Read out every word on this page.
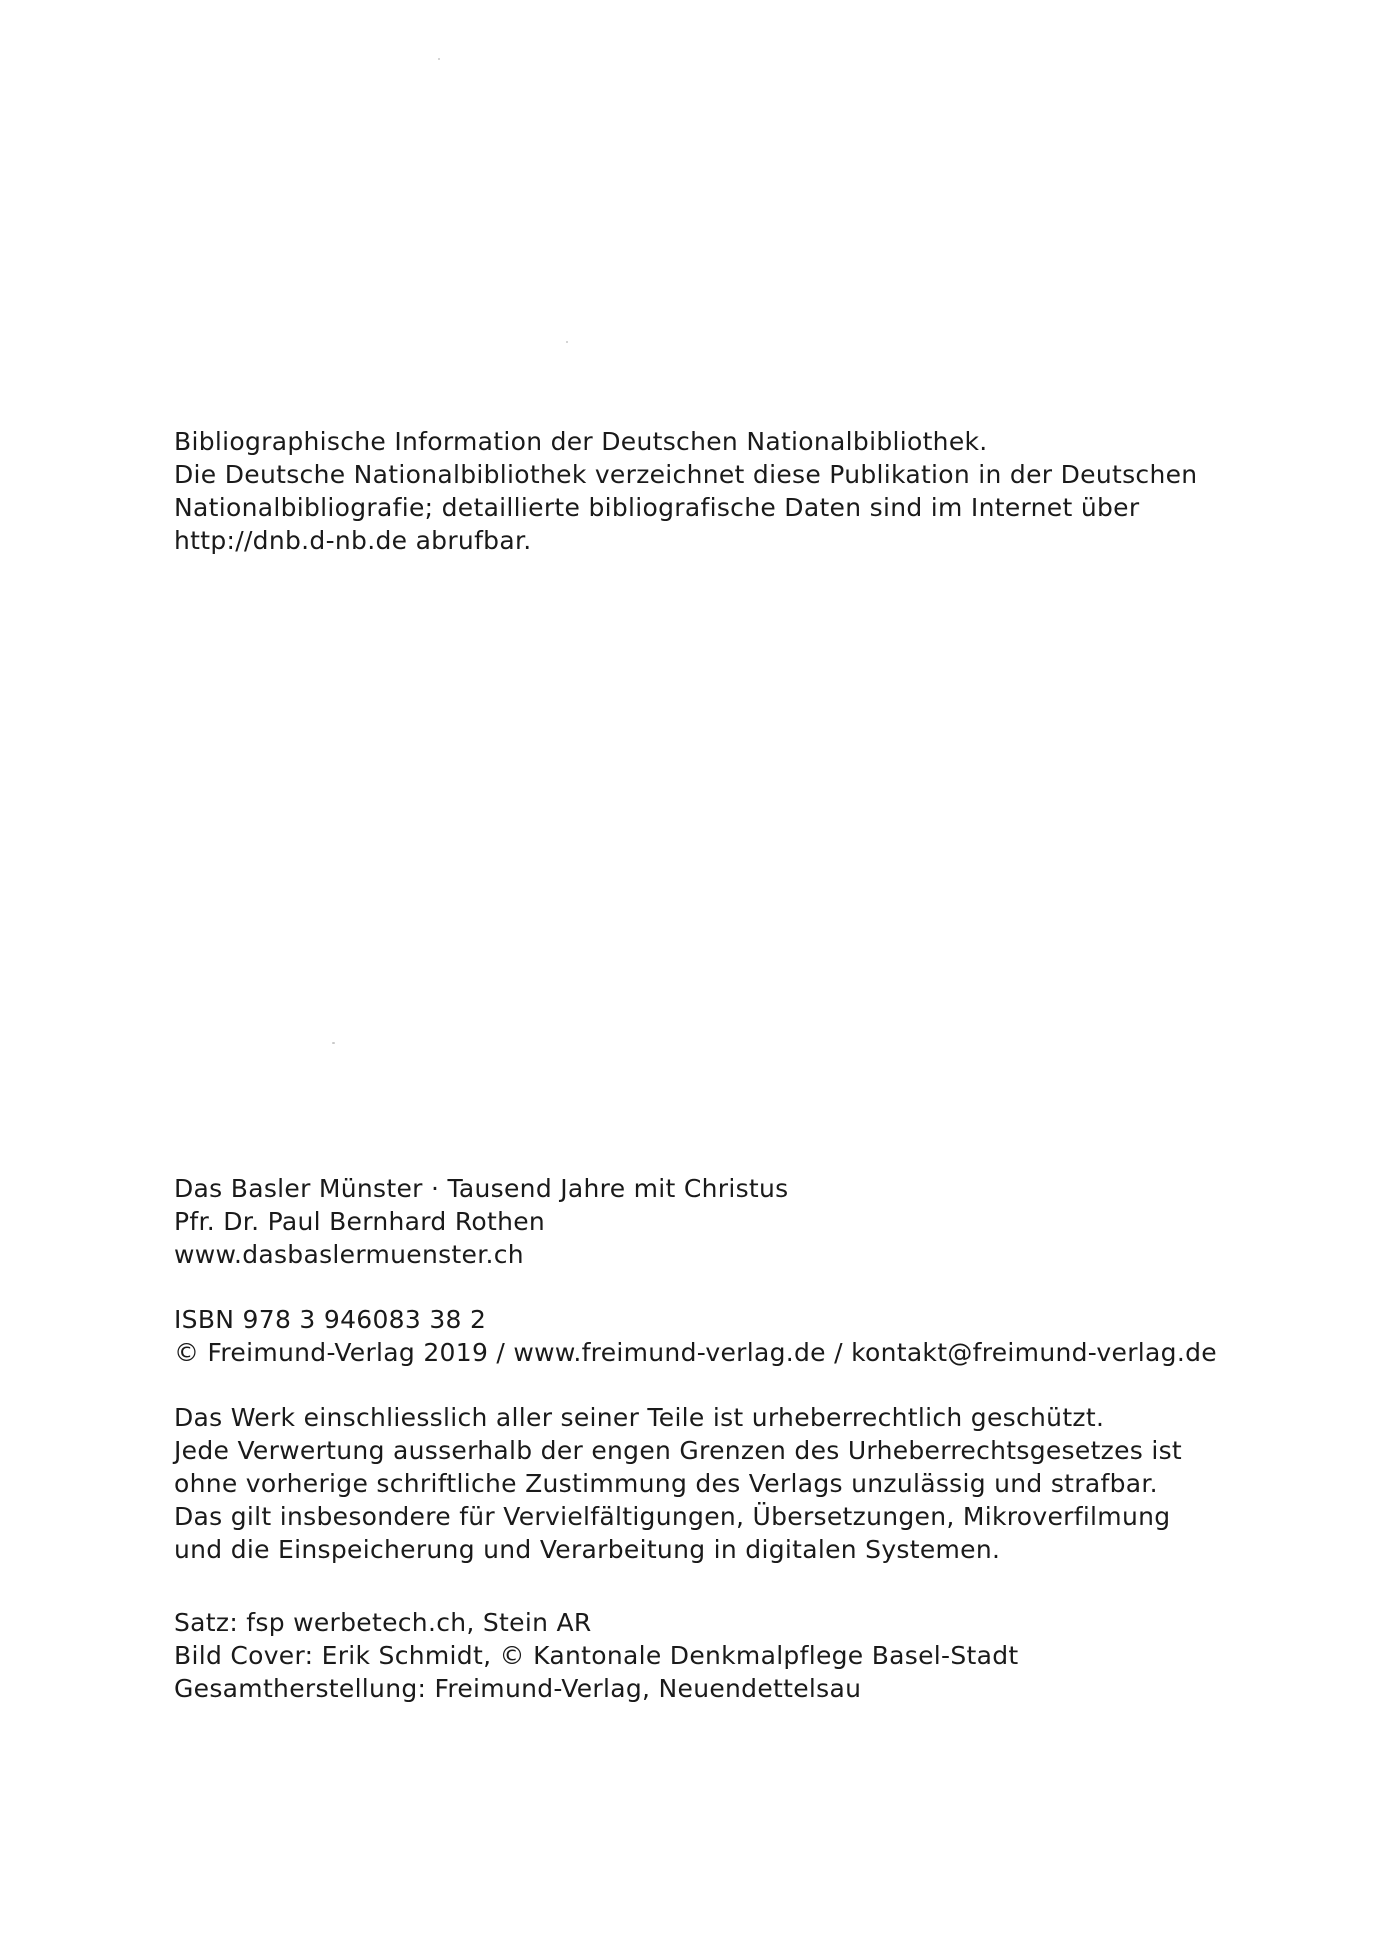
Bibliographische Information der Deutschen Nationalbibliothek.
Die Deutsche Nationalbibliothek verzeichnet diese Publikation in der Deutschen
Nationalbibliografie; detaillierte bibliografische Daten sind im Internet über
http://dnb.d-nb.de abrufbar.
Das Basler Münster · Tausend Jahre mit Christus
Pfr. Dr. Paul Bernhard Rothen
www.dasbaslermuenster.ch
ISBN 978 3 946083 38 2
© Freimund-Verlag 2019 / www.freimund-verlag.de / kontakt@freimund-verlag.de
Das Werk einschliesslich aller seiner Teile ist urheberrechtlich geschützt.
Jede Verwertung ausserhalb der engen Grenzen des Urheberrechtsgesetzes ist
ohne vorherige schriftliche Zustimmung des Verlags unzulässig und strafbar.
Das gilt insbesondere für Vervielfältigungen, Übersetzungen, Mikroverfilmung
und die Einspeicherung und Verarbeitung in digitalen Systemen.
Satz: fsp werbetech.ch, Stein AR
Bild Cover: Erik Schmidt, © Kantonale Denkmalpflege Basel-Stadt
Gesamtherstellung: Freimund-Verlag, Neuendettelsau
